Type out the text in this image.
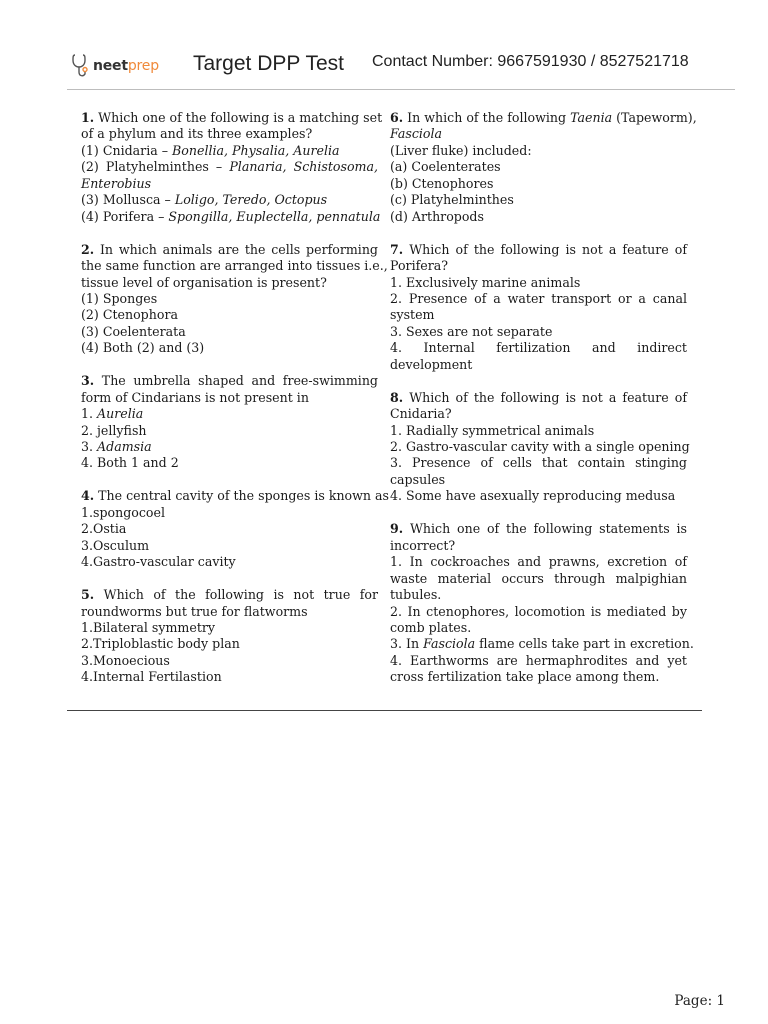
neet prep Target DPP Test Contact Number: 9667591930 / 8527521718
1. Which one of the following is a matching set
of a phylum and its three examples?
(1) Cnidaria – Bonellia, Physalia, Aurelia
(2) Platyhelminthes – Planaria, Schistosoma,
Enterobius
(3) Mollusca – Loligo, Teredo, Octopus
(4) Porifera – Spongilla, Euplectella, pennatula
2. In which animals are the cells performing
the same function are arranged into tissues i.e.,
tissue level of organisation is present?
(1) Sponges
(2) Ctenophora
(3) Coelenterata
(4) Both (2) and (3)
3. The umbrella shaped and free-swimming
form of Cindarians is not present in
1. Aurelia
2. jellyfish
3. Adamsia
4. Both 1 and 2
4. The central cavity of the sponges is known as
1.spongocoel
2.Ostia
3.Osculum
4.Gastro-vascular cavity
5. Which of the following is not true for
roundworms but true for flatworms
1.Bilateral symmetry
2.Triploblastic body plan
3.Monoecious
4.Internal Fertilastion
6. In which of the following Taenia (Tapeworm),
Fasciola
(Liver fluke) included:
(a) Coelenterates
(b) Ctenophores
(c) Platyhelminthes
(d) Arthropods
7. Which of the following is not a feature of
Porifera?
1. Exclusively marine animals
2. Presence of a water transport or a canal
system
3. Sexes are not separate
4. Internal fertilization and indirect
development
8. Which of the following is not a feature of
Cnidaria?
1. Radially symmetrical animals
2. Gastro-vascular cavity with a single opening
3. Presence of cells that contain stinging
capsules
4. Some have asexually reproducing medusa
9. Which one of the following statements is
incorrect?
1. In cockroaches and prawns, excretion of
waste material occurs through malpighian
tubules.
2. In ctenophores, locomotion is mediated by
comb plates.
3. In Fasciola flame cells take part in excretion.
4. Earthworms are hermaphrodites and yet
cross fertilization take place among them.
Page: 1
